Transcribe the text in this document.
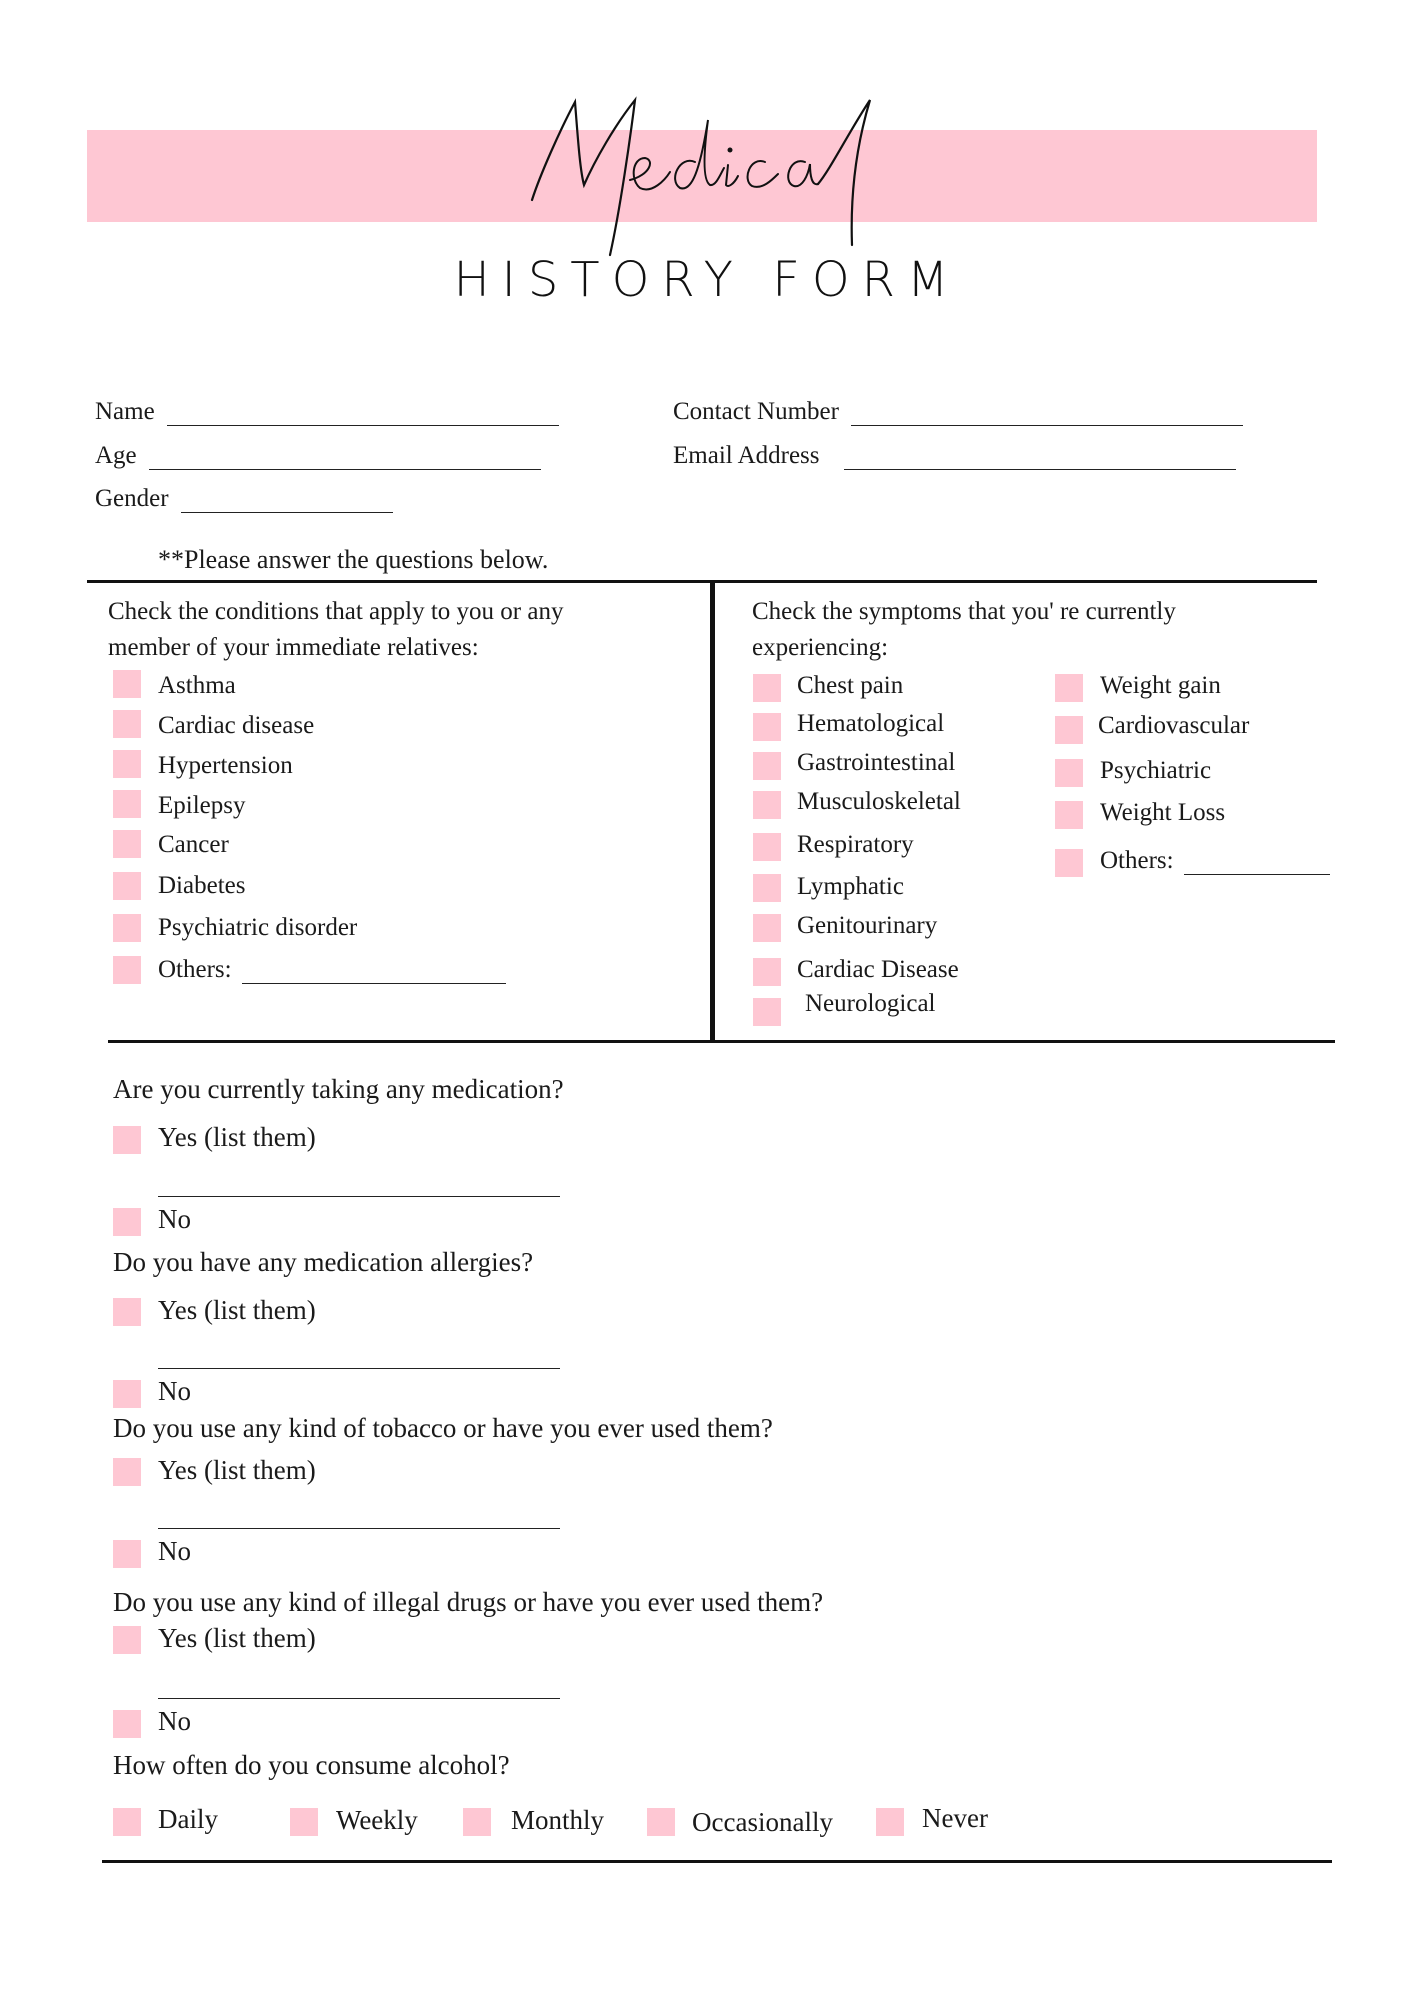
HISTORY FORM
Name
Age
Gender
Contact Number
Email Address
**Please answer the questions below.
Check the conditions that apply to you or any
member of your immediate relatives:
Asthma
Cardiac disease
Hypertension
Epilepsy
Cancer
Diabetes
Psychiatric disorder
Others:
Check the symptoms that you' re currently
experiencing:
Chest pain
Hematological
Gastrointestinal
Musculoskeletal
Respiratory
Lymphatic
Genitourinary
Cardiac Disease
Neurological
Weight gain
Cardiovascular
Psychiatric
Weight Loss
Others:
Are you currently taking any medication?
Yes (list them)
No
Do you have any medication allergies?
Yes (list them)
No
Do you use any kind of tobacco or have you ever used them?
Yes (list them)
No
Do you use any kind of illegal drugs or have you ever used them?
Yes (list them)
No
How often do you consume alcohol?
Daily	Weekly	Monthly	Occasionally	Never
